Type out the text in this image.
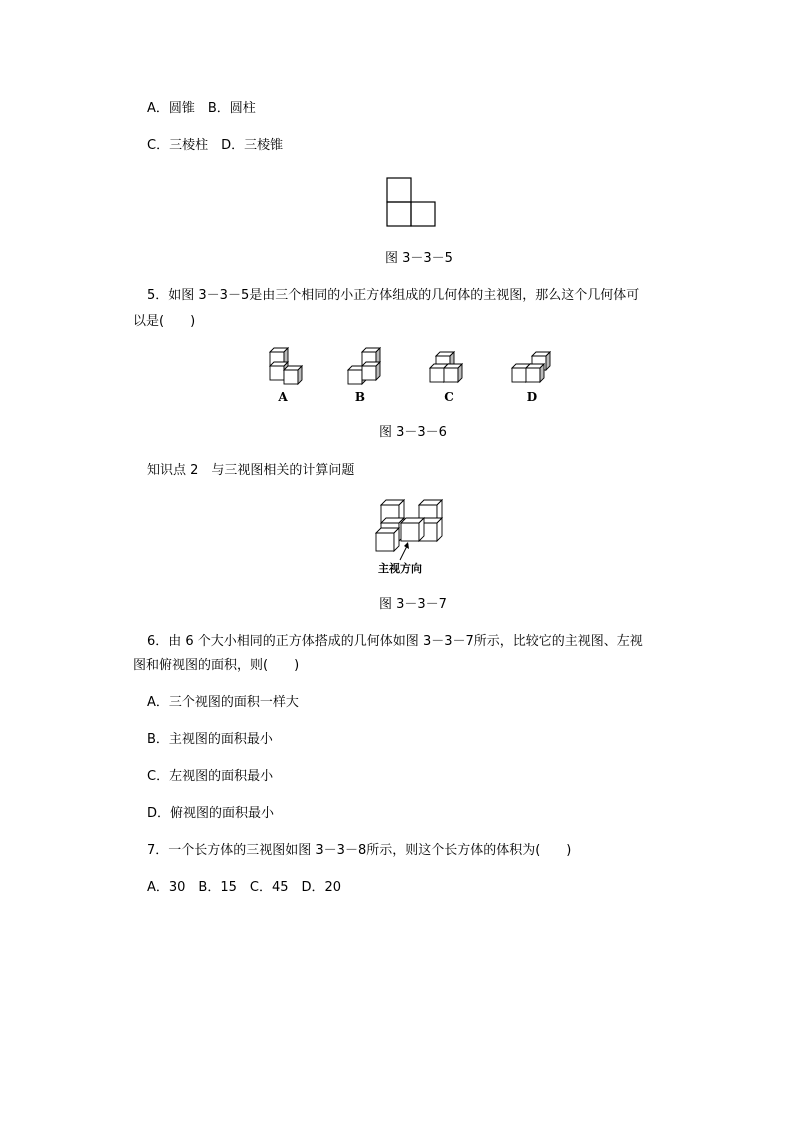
A．圆锥　B．圆柱
C．三棱柱　D．三棱锥
图 3－3－5
5．如图 3－3－5是由三个相同的小正方体组成的几何体的主视图，那么这个几何体可
以是(　　)
A	B	C	D
图 3－3－6
知识点 2　与三视图相关的计算问题
主视方向
图 3－3－7
6．由 6 个大小相同的正方体搭成的几何体如图 3－3－7所示，比较它的主视图、左视
图和俯视图的面积，则(　　)
A．三个视图的面积一样大
B．主视图的面积最小
C．左视图的面积最小
D．俯视图的面积最小
7．一个长方体的三视图如图 3－3－8所示，则这个长方体的体积为(　　)
A．30　B．15　C．45　D．20
